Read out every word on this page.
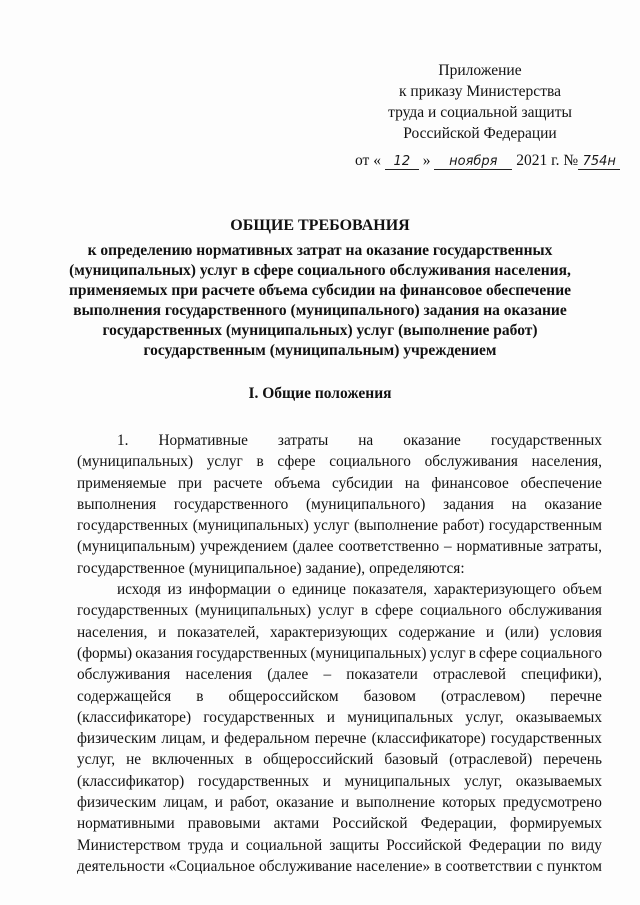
Приложение
к приказу Министерства
труда и социальной защиты
Российской Федерации
от « 12 » ноября 2021 г. № 754н
ОБЩИЕ ТРЕБОВАНИЯ
к определению нормативных затрат на оказание государственных
(муниципальных) услуг в сфере социального обслуживания населения,
применяемых при расчете объема субсидии на финансовое обеспечение
выполнения государственного (муниципального) задания на оказание
государственных (муниципальных) услуг (выполнение работ)
государственным (муниципальным) учреждением
I. Общие положения
1. Нормативные затраты на оказание государственных
(муниципальных) услуг в сфере социального обслуживания населения,
применяемые при расчете объема субсидии на финансовое обеспечение
выполнения государственного (муниципального) задания на оказание
государственных (муниципальных) услуг (выполнение работ) государственным
(муниципальным) учреждением (далее соответственно – нормативные затраты,
государственное (муниципальное) задание), определяются:
исходя из информации о единице показателя, характеризующего объем
государственных (муниципальных) услуг в сфере социального обслуживания
населения, и показателей, характеризующих содержание и (или) условия
(формы) оказания государственных (муниципальных) услуг в сфере социального
обслуживания населения (далее – показатели отраслевой специфики),
содержащейся в общероссийском базовом (отраслевом) перечне
(классификаторе) государственных и муниципальных услуг, оказываемых
физическим лицам, и федеральном перечне (классификаторе) государственных
услуг, не включенных в общероссийский базовый (отраслевой) перечень
(классификатор) государственных и муниципальных услуг, оказываемых
физическим лицам, и работ, оказание и выполнение которых предусмотрено
нормативными правовыми актами Российской Федерации, формируемых
Министерством труда и социальной защиты Российской Федерации по виду
деятельности «Социальное обслуживание население» в соответствии с пунктом
